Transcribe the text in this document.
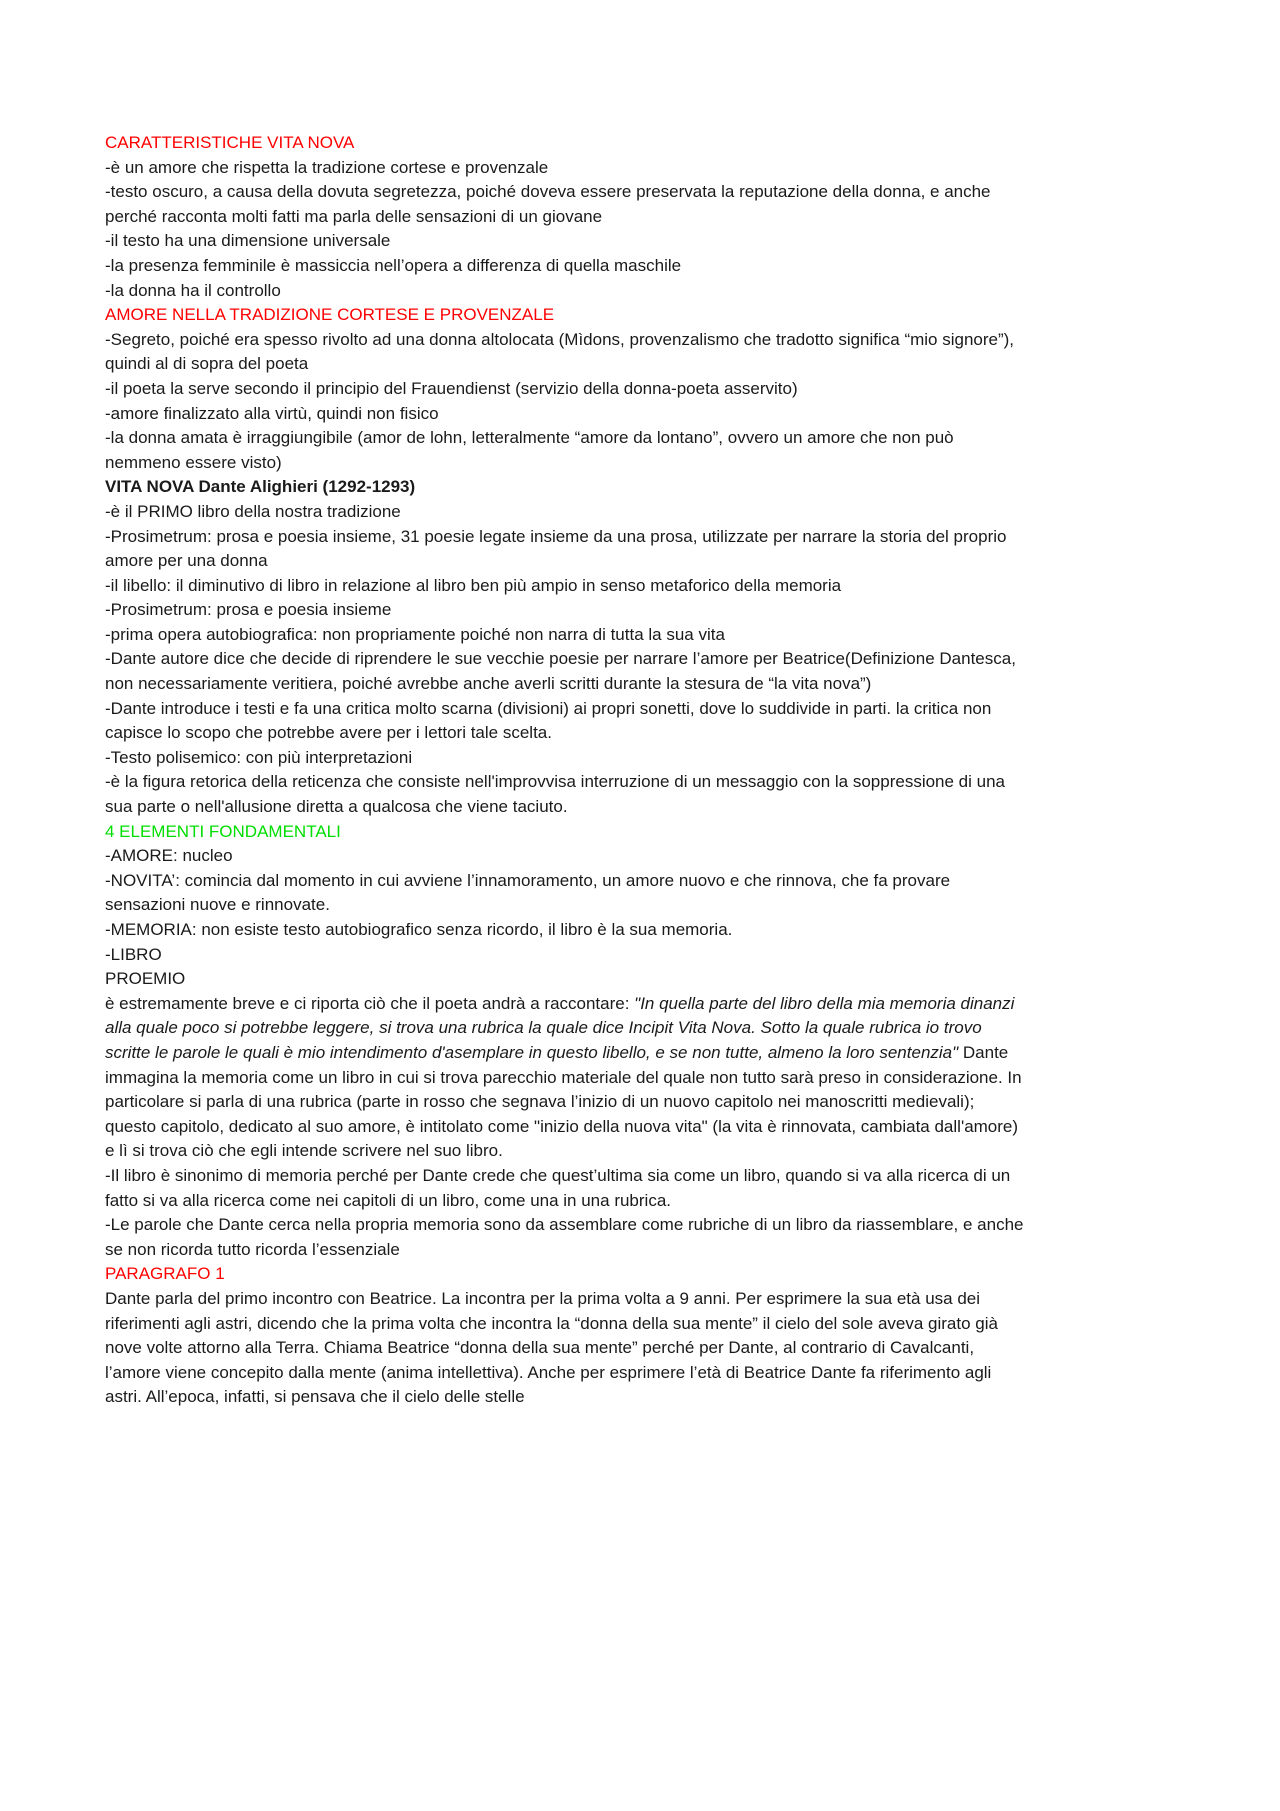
CARATTERISTICHE VITA NOVA

-è un amore che rispetta la tradizione cortese e provenzale

-testo oscuro, a causa della dovuta segretezza, poiché doveva essere preservata la reputazione della donna, e anche perché racconta molti fatti ma parla delle sensazioni di un giovane

-il testo ha una dimensione universale

-la presenza femminile è massiccia nell’opera a differenza di quella maschile

-la donna ha il controllo

AMORE NELLA TRADIZIONE CORTESE E PROVENZALE

-Segreto, poiché era spesso rivolto ad una donna altolocata (Mìdons, provenzalismo che tradotto significa “mio signore”), quindi al di sopra del poeta

-il poeta la serve secondo il principio del Frauendienst (servizio della donna-poeta asservito)

-amore finalizzato alla virtù, quindi non fisico

-la donna amata è irraggiungibile (amor de lohn, letteralmente “amore da lontano”, ovvero un amore che non può nemmeno essere visto)

VITA NOVA Dante Alighieri (1292-1293)

-è il PRIMO libro della nostra tradizione

-Prosimetrum: prosa e poesia insieme, 31 poesie legate insieme da una prosa, utilizzate per narrare la storia del proprio amore per una donna

-il libello: il diminutivo di libro in relazione al libro ben più ampio in senso metaforico della memoria

-Prosimetrum: prosa e poesia insieme

-prima opera autobiografica: non propriamente poiché non narra di tutta la sua vita

-Dante autore dice che decide di riprendere le sue vecchie poesie per narrare l’amore per Beatrice(Definizione Dantesca, non necessariamente veritiera, poiché avrebbe anche averli scritti durante la stesura de “la vita nova”)

-Dante introduce i testi e fa una critica molto scarna (divisioni) ai propri sonetti, dove lo suddivide in parti. la critica non capisce lo scopo che potrebbe avere per i lettori tale scelta.

-Testo polisemico: con più interpretazioni

-è la figura retorica della reticenza che consiste nell'improvvisa interruzione di un messaggio con la soppressione di una sua parte o nell'allusione diretta a qualcosa che viene taciuto.

4 ELEMENTI FONDAMENTALI

-AMORE: nucleo

-NOVITA’: comincia dal momento in cui avviene l’innamoramento, un amore nuovo e che rinnova, che fa provare sensazioni nuove e rinnovate.

-MEMORIA: non esiste testo autobiografico senza ricordo, il libro è la sua memoria.

-LIBRO

PROEMIO

è estremamente breve e ci riporta ciò che il poeta andrà a raccontare: "In quella parte del libro della mia memoria dinanzi alla quale poco si potrebbe leggere, si trova una rubrica la quale dice Incipit Vita Nova. Sotto la quale rubrica io trovo scritte le parole le quali è mio intendimento d'asemplare in questo libello, e se non tutte, almeno la loro sentenzia" Dante immagina la memoria come un libro in cui si trova parecchio materiale del quale non tutto sarà preso in considerazione. In particolare si parla di una rubrica (parte in rosso che segnava l’inizio di un nuovo capitolo nei manoscritti medievali); questo capitolo, dedicato al suo amore, è intitolato come "inizio della nuova vita" (la vita è rinnovata, cambiata dall'amore) e lì si trova ciò che egli intende scrivere nel suo libro.

-Il libro è sinonimo di memoria perché per Dante crede che quest’ultima sia come un libro, quando si va alla ricerca di un fatto si va alla ricerca come nei capitoli di un libro, come una in una rubrica.

-Le parole che Dante cerca nella propria memoria sono da assemblare come rubriche di un libro da riassemblare, e anche se non ricorda tutto ricorda l’essenziale

PARAGRAFO 1

Dante parla del primo incontro con Beatrice. La incontra per la prima volta a 9 anni. Per esprimere la sua età usa dei riferimenti agli astri, dicendo che la prima volta che incontra la “donna della sua mente” il cielo del sole aveva girato già nove volte attorno alla Terra. Chiama Beatrice “donna della sua mente” perché per Dante, al contrario di Cavalcanti, l’amore viene concepito dalla mente (anima intellettiva). Anche per esprimere l’età di Beatrice Dante fa riferimento agli astri. All’epoca, infatti, si pensava che il cielo delle stelle
